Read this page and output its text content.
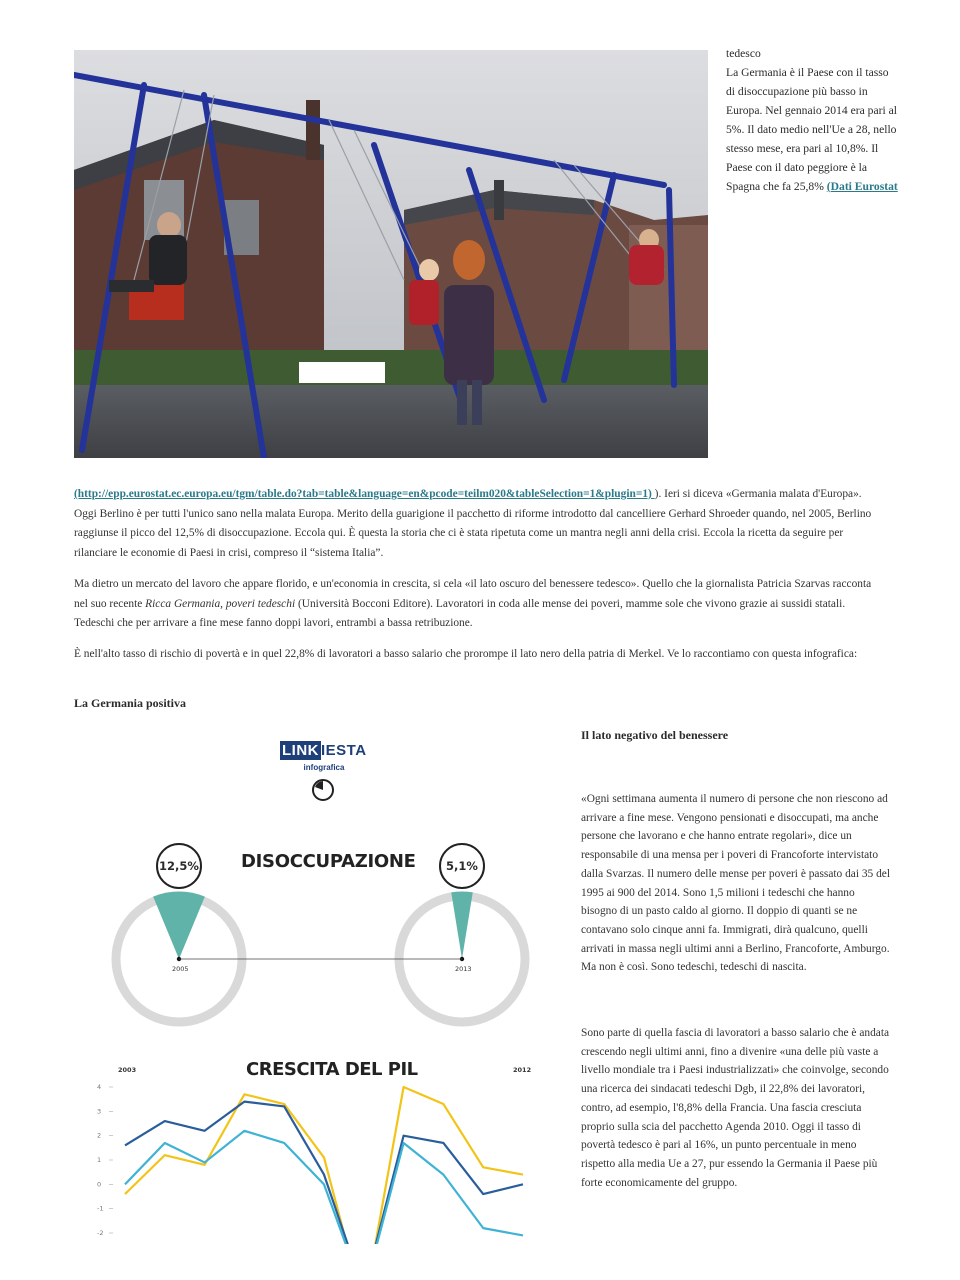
tedesco
La Germania è il Paese con il tasso di disoccupazione più basso in Europa. Nel gennaio 2014 era pari al 5%. Il dato medio nell'Ue a 28, nello stesso mese, era pari al 10,8%. Il Paese con il dato peggiore è la Spagna che fa 25,8% (Dati Eurostat
(http://epp.eurostat.ec.europa.eu/tgm/table.do?tab=table&language=en&pcode=teilm020&tableSelection=1&plugin=1) ). Ieri si diceva «Germania malata d'Europa». Oggi Berlino è per tutti l'unico sano nella malata Europa. Merito della guarigione il pacchetto di riforme introdotto dal cancelliere Gerhard Shroeder quando, nel 2005, Berlino raggiunse il picco del 12,5% di disoccupazione. Eccola qui. È questa la storia che ci è stata ripetuta come un mantra negli anni della crisi. Eccola la ricetta da seguire per rilanciare le economie di Paesi in crisi, compreso il “sistema Italia”.
Ma dietro un mercato del lavoro che appare florido, e un'economia in crescita, si cela «il lato oscuro del benessere tedesco». Quello che la giornalista Patricia Szarvas racconta nel suo recente Ricca Germania, poveri tedeschi (Università Bocconi Editore). Lavoratori in coda alle mense dei poveri, mamme sole che vivono grazie ai sussidi statali. Tedeschi che per arrivare a fine mese fanno doppi lavori, entrambi a bassa retribuzione.
È nell'alto tasso di rischio di povertà e in quel 22,8% di lavoratori a basso salario che prorompe il lato nero della patria di Merkel. Ve lo raccontiamo con questa infografica:
La Germania positiva
Il lato negativo del benessere
«Ogni settimana aumenta il numero di persone che non riescono ad arrivare a fine mese. Vengono pensionati e disoccupati, ma anche persone che lavorano e che hanno entrate regolari», dice un responsabile di una mensa per i poveri di Francoforte intervistato dalla Svarzas. Il numero delle mense per poveri è passato dai 35 del 1995 ai 900 del 2014. Sono 1,5 milioni i tedeschi che hanno bisogno di un pasto caldo al giorno. Il doppio di quanti se ne contavano solo cinque anni fa. Immigrati, dirà qualcuno, quelli arrivati in massa negli ultimi anni a Berlino, Francoforte, Amburgo. Ma non è così. Sono tedeschi, tedeschi di nascita.
Sono parte di quella fascia di lavoratori a basso salario che è andata crescendo negli ultimi anni, fino a divenire «una delle più vaste a livello mondiale tra i Paesi industrializzati» che coinvolge, secondo una ricerca dei sindacati tedeschi Dgb, il 22,8% dei lavoratori, contro, ad esempio, l'8,8% della Francia. Una fascia cresciuta proprio sulla scia del pacchetto Agenda 2010. Oggi il tasso di povertà tedesco è pari al 16%, un punto percentuale in meno rispetto alla media Ue a 27, pur essendo la Germania il Paese più forte economicamente del gruppo.
LINK IESTA
infografica
DISOCCUPAZIONE
12,5%	5,1%
2005	2013
2003	2012
CRESCITA DEL PIL
4
3
2
1
0
-1
-2
